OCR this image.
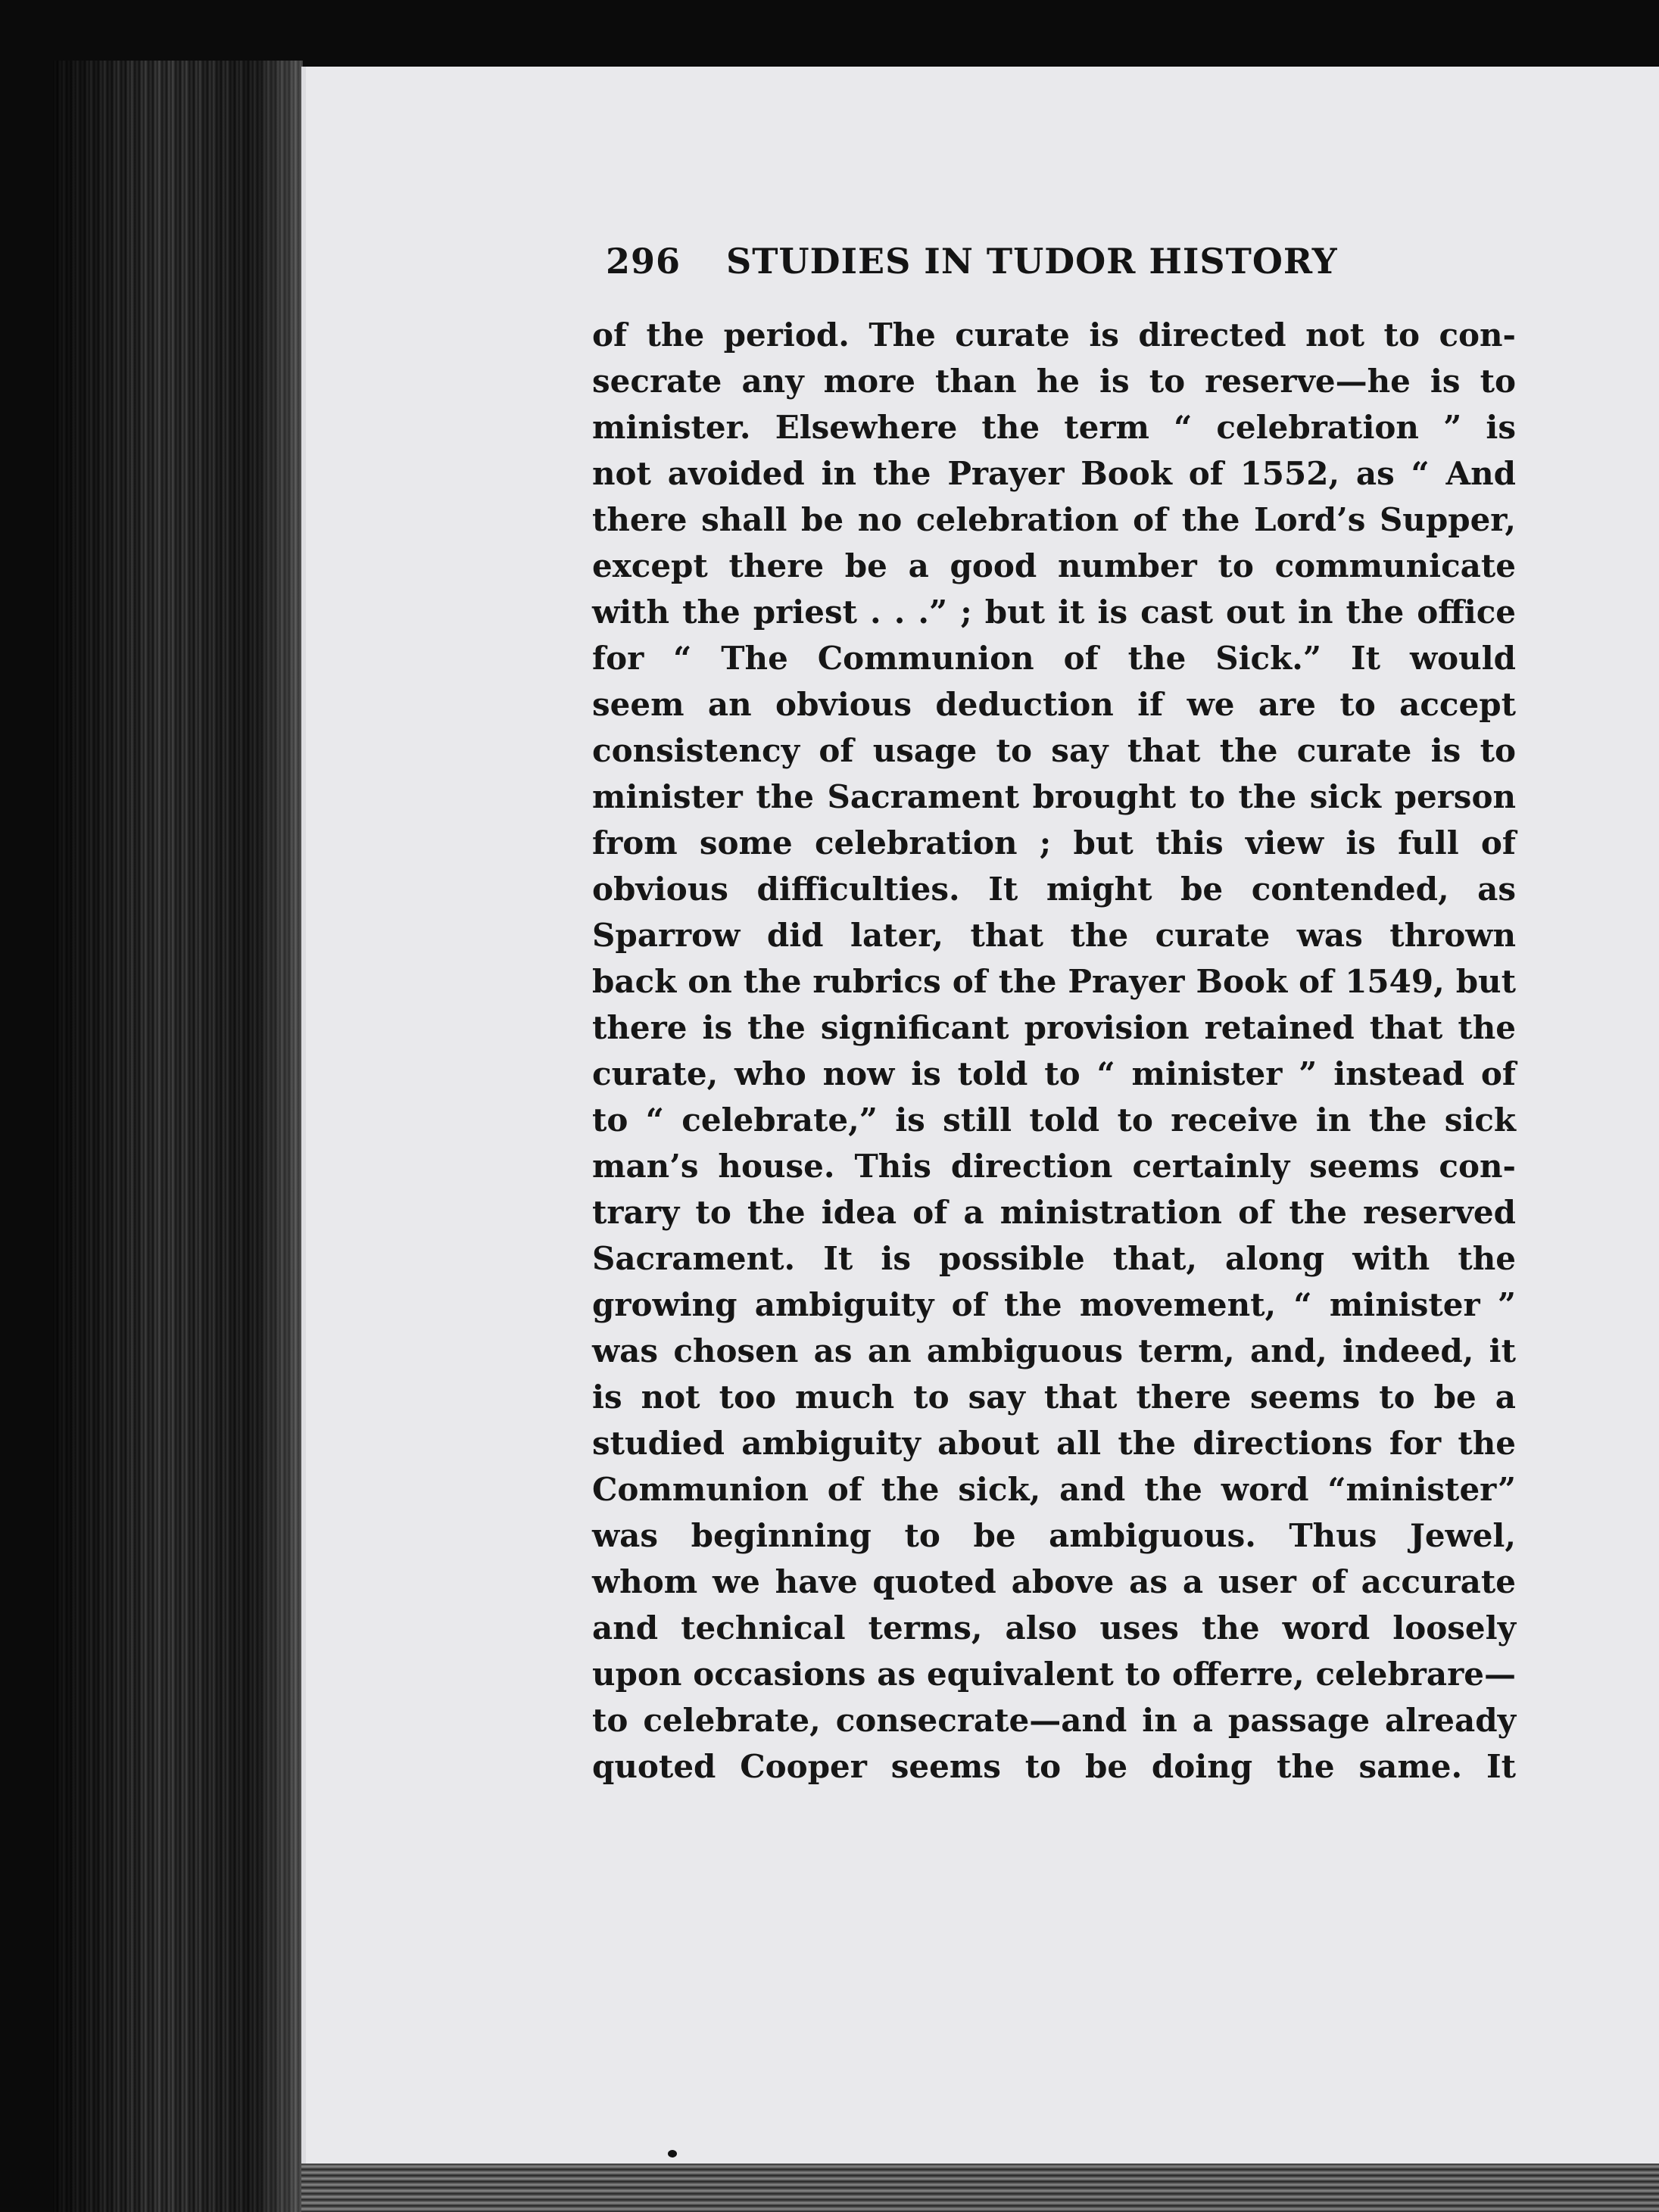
296 STUDIES IN TUDOR HISTORY
of the period. The curate is directed not to con-
secrate any more than he is to reserve—he is to
minister. Elsewhere the term “ celebration ” is
not avoided in the Prayer Book of 1552, as “ And
there shall be no celebration of the Lord’s Supper,
except there be a good number to communicate
with the priest . . .” ; but it is cast out in the office
for “ The Communion of the Sick.” It would
seem an obvious deduction if we are to accept
consistency of usage to say that the curate is to
minister the Sacrament brought to the sick person
from some celebration ; but this view is full of
obvious difficulties. It might be contended, as
Sparrow did later, that the curate was thrown
back on the rubrics of the Prayer Book of 1549, but
there is the significant provision retained that the
curate, who now is told to “ minister ” instead of
to “ celebrate,” is still told to receive in the sick
man’s house. This direction certainly seems con-
trary to the idea of a ministration of the reserved
Sacrament. It is possible that, along with the
growing ambiguity of the movement, “ minister ”
was chosen as an ambiguous term, and, indeed, it
is not too much to say that there seems to be a
studied ambiguity about all the directions for the
Communion of the sick, and the word “minister”
was beginning to be ambiguous. Thus Jewel,
whom we have quoted above as a user of accurate
and technical terms, also uses the word loosely
upon occasions as equivalent to offerre, celebrare—
to celebrate, consecrate—and in a passage already
quoted Cooper seems to be doing the same. It
